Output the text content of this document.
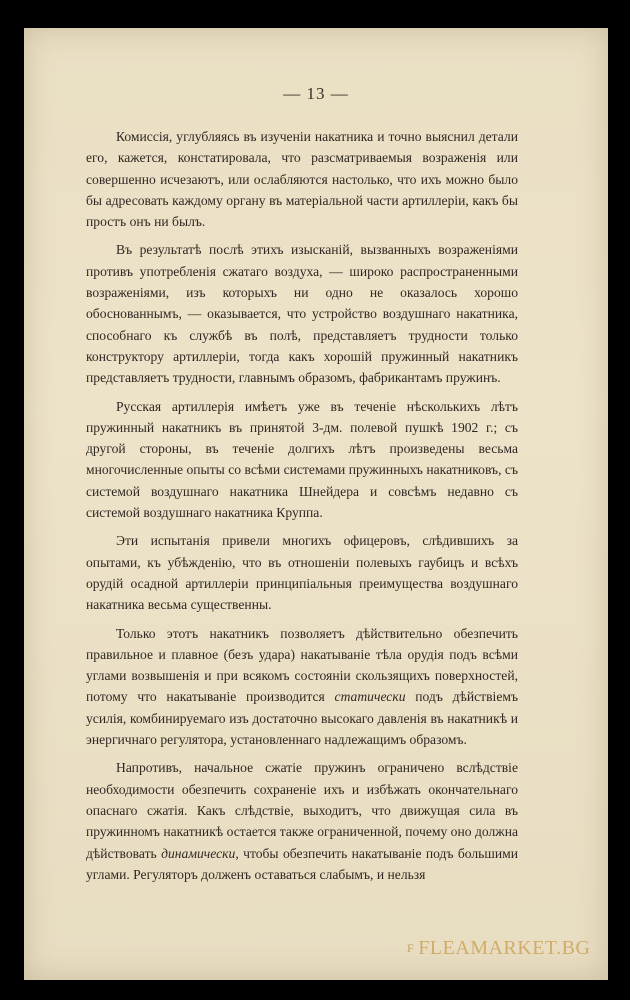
— 13 —

Комиссія, углубляясь въ изученіи накатника и точно выяснил детали его, кажется, констатировала, что разсматриваемыя возраженія или совершенно исчезаютъ, или ослабляются настолько, что ихъ можно было бы адресовать каждому органу въ матеріальной части артиллеріи, какъ бы простъ онъ ни былъ.

Въ результатѣ послѣ этихъ изысканій, вызванныхъ возраженіями противъ употребленія сжатаго воздуха, — широко распространенными возраженіями, изъ которыхъ ни одно не оказалось хорошо обоснованнымъ, — оказывается, что устройство воздушнаго накатника, способнаго къ службѣ въ полѣ, представляетъ трудности только конструктору артиллеріи, тогда какъ хорошій пружинный накатникъ представляетъ трудности, главнымъ образомъ, фабрикантамъ пружинъ.

Русская артиллерія имѣетъ уже въ теченіе нѣсколькихъ лѣтъ пружинный накатникъ въ принятой 3-дм. полевой пушкѣ 1902 г.; съ другой стороны, въ теченіе долгихъ лѣтъ произведены весьма многочисленные опыты со всѣми системами пружинныхъ накатниковъ, съ системой воздушнаго накатника Шнейдера и совсѣмъ недавно съ системой воздушнаго накатника Круппа.

Эти испытанія привели многихъ офицеровъ, слѣдившихъ за опытами, къ убѣжденію, что въ отношеніи полевыхъ гаубицъ и всѣхъ орудій осадной артиллеріи принципіальныя преимущества воздушнаго накатника весьма существенны.

Только этотъ накатникъ позволяетъ дѣйствительно обезпечить правильное и плавное (безъ удара) накатываніе тѣла орудія подъ всѣми углами возвышенія и при всякомъ состояніи скользящихъ поверхностей, потому что накатываніе производится статически подъ дѣйствіемъ усилія, комбинируемаго изъ достаточно высокаго давленія въ накатникѣ и энергичнаго регулятора, установленнаго надлежащимъ образомъ.

Напротивъ, начальное сжатіе пружинъ ограничено вслѣдствіе необходимости обезпечить сохраненіе ихъ и избѣжать окончательнаго опаснаго сжатія. Какъ слѣдствіе, выходитъ, что движущая сила въ пружинномъ накатникѣ остается также ограниченной, почему оно должна дѣйствовать динамически, чтобы обезпечить накатываніе подъ большими углами. Регуляторъ долженъ оставаться слабымъ, и нельзя

F FLEAMARKET.BG
